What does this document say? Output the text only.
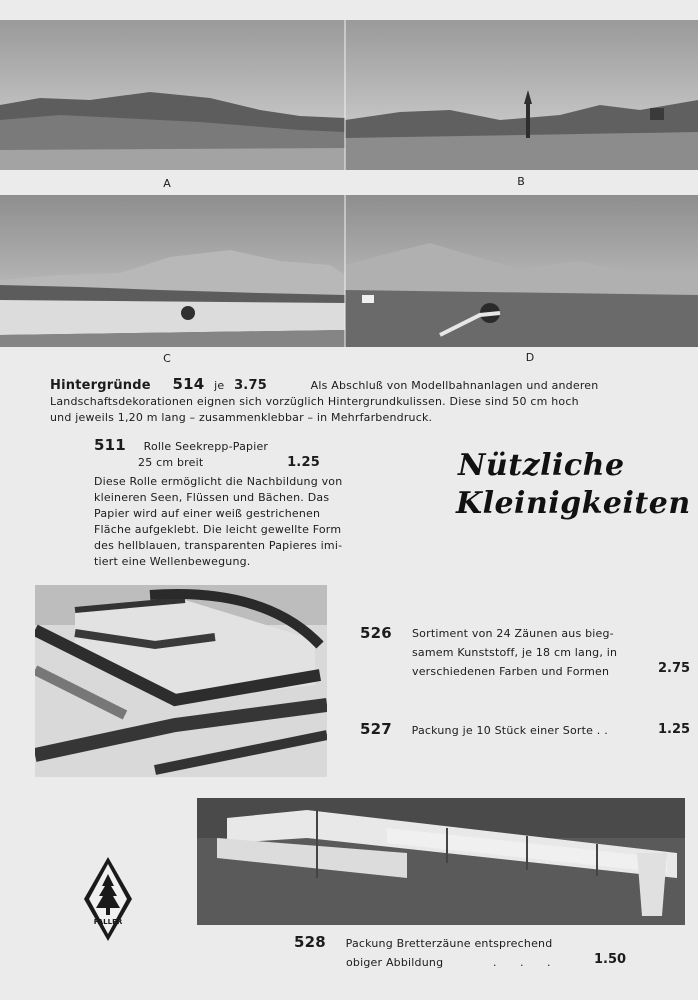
A	B
C	D
Hintergründe 514 je 3.75	Als Abschluß von Modellbahnanlagen und anderen
Landschaftsdekorationen eignen sich vorzüglich Hintergrundkulissen. Diese sind 50 cm hoch
und jeweils 1,20 m lang – zusammenklebbar – in Mehrfarbendruck.
511 Rolle Seekrepp-Papier
25 cm breit	1.25
Diese Rolle ermöglicht die Nachbildung von
kleineren Seen, Flüssen und Bächen. Das
Papier wird auf einer weiß gestrichenen
Fläche aufgeklebt. Die leicht gewellte Form
des hellblauen, transparenten Papieres imi-
tiert eine Wellenbewegung.
Nützliche
Kleinigkeiten
526 Sortiment von 24 Zäunen aus bieg-
samem Kunststoff, je 18 cm lang, in
verschiedenen Farben und Formen	2.75
527 Packung je 10 Stück einer Sorte . .	1.25
FALLER
528 Packung Bretterzäune entsprechend
obiger Abbildung	. . .	1.50
